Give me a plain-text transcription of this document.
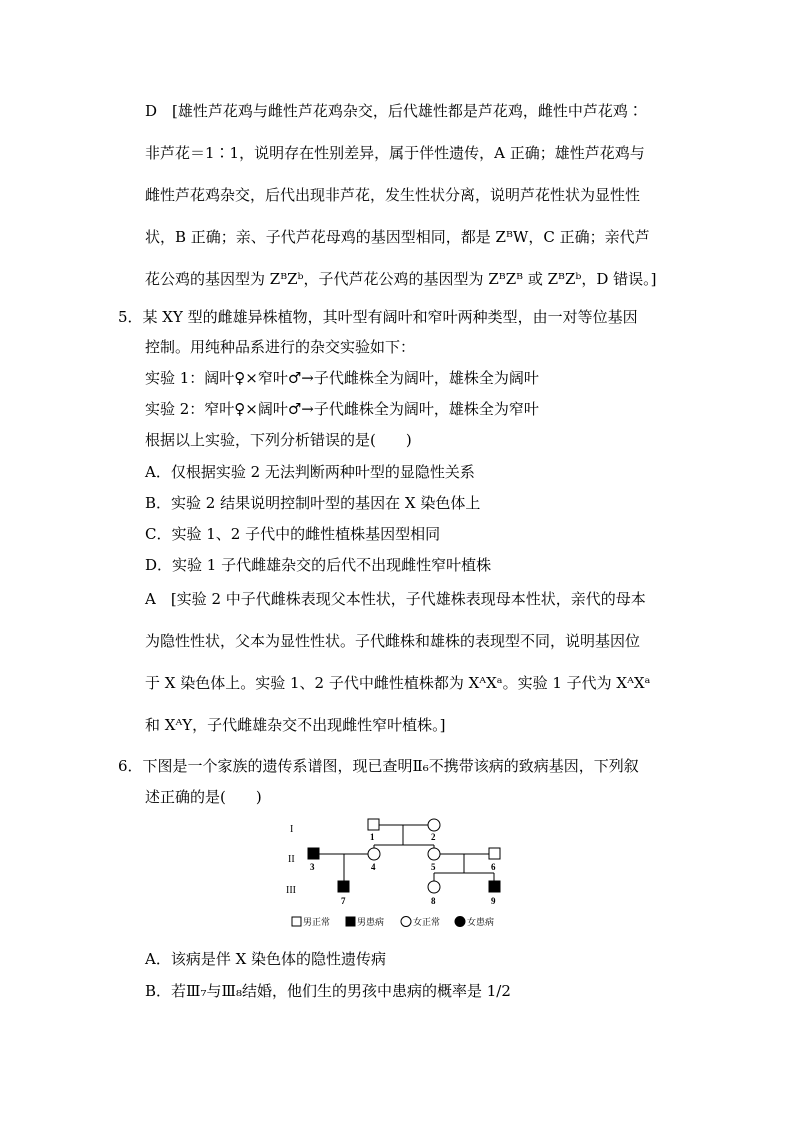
D　[雄性芦花鸡与雌性芦花鸡杂交，后代雄性都是芦花鸡，雌性中芦花鸡∶
非芦花＝1∶1，说明存在性别差异，属于伴性遗传，A 正确；雄性芦花鸡与
雌性芦花鸡杂交，后代出现非芦花，发生性状分离，说明芦花性状为显性性
状，B 正确；亲、子代芦花母鸡的基因型相同，都是 ZᴮW，C 正确；亲代芦
花公鸡的基因型为 ZᴮZᵇ，子代芦花公鸡的基因型为 ZᴮZᴮ 或 ZᴮZᵇ，D 错误。]
5．某 XY 型的雌雄异株植物，其叶型有阔叶和窄叶两种类型，由一对等位基因
控制。用纯种品系进行的杂交实验如下：
实验 1：阔叶♀×窄叶♂→子代雌株全为阔叶，雄株全为阔叶
实验 2：窄叶♀×阔叶♂→子代雌株全为阔叶，雄株全为窄叶
根据以上实验，下列分析错误的是(　　)
A．仅根据实验 2 无法判断两种叶型的显隐性关系
B．实验 2 结果说明控制叶型的基因在 X 染色体上
C．实验 1、2 子代中的雌性植株基因型相同
D．实验 1 子代雌雄杂交的后代不出现雌性窄叶植株
A　[实验 2 中子代雌株表现父本性状，子代雄株表现母本性状，亲代的母本
为隐性性状，父本为显性性状。子代雌株和雄株的表现型不同，说明基因位
于 X 染色体上。实验 1、2 子代中雌性植株都为 XᴬXᵃ。实验 1 子代为 XᴬXᵃ
和 XᴬY，子代雌雄杂交不出现雌性窄叶植株。]
6．下图是一个家族的遗传系谱图，现已查明Ⅱ₆不携带该病的致病基因，下列叙
述正确的是(　　)
I
II
III
1	2
3	4	5	6
7	8	9
男正常	男患病	女正常	女患病
A．该病是伴 X 染色体的隐性遗传病
B．若Ⅲ₇与Ⅲ₈结婚，他们生的男孩中患病的概率是 1/2
